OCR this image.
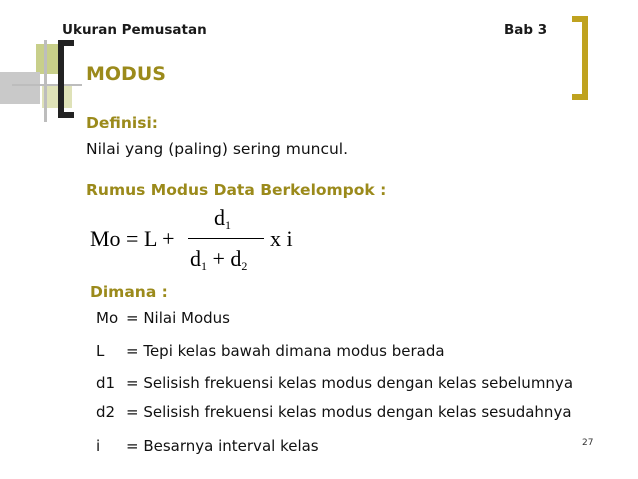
Ukuran Pemusatan	Bab 3
MODUS
Definisi:
Nilai yang (paling) sering muncul.
Rumus Modus Data Berkelompok :
Mo = L +
$d_1$
$d_1 + d_2$
x i
Dimana :
Mo = Nilai Modus
L	= Tepi kelas bawah dimana modus berada
d1 = Selisish frekuensi kelas modus dengan kelas sebelumnya
d2 = Selisish frekuensi kelas modus dengan kelas sesudahnya
i	= Besarnya interval kelas	27
